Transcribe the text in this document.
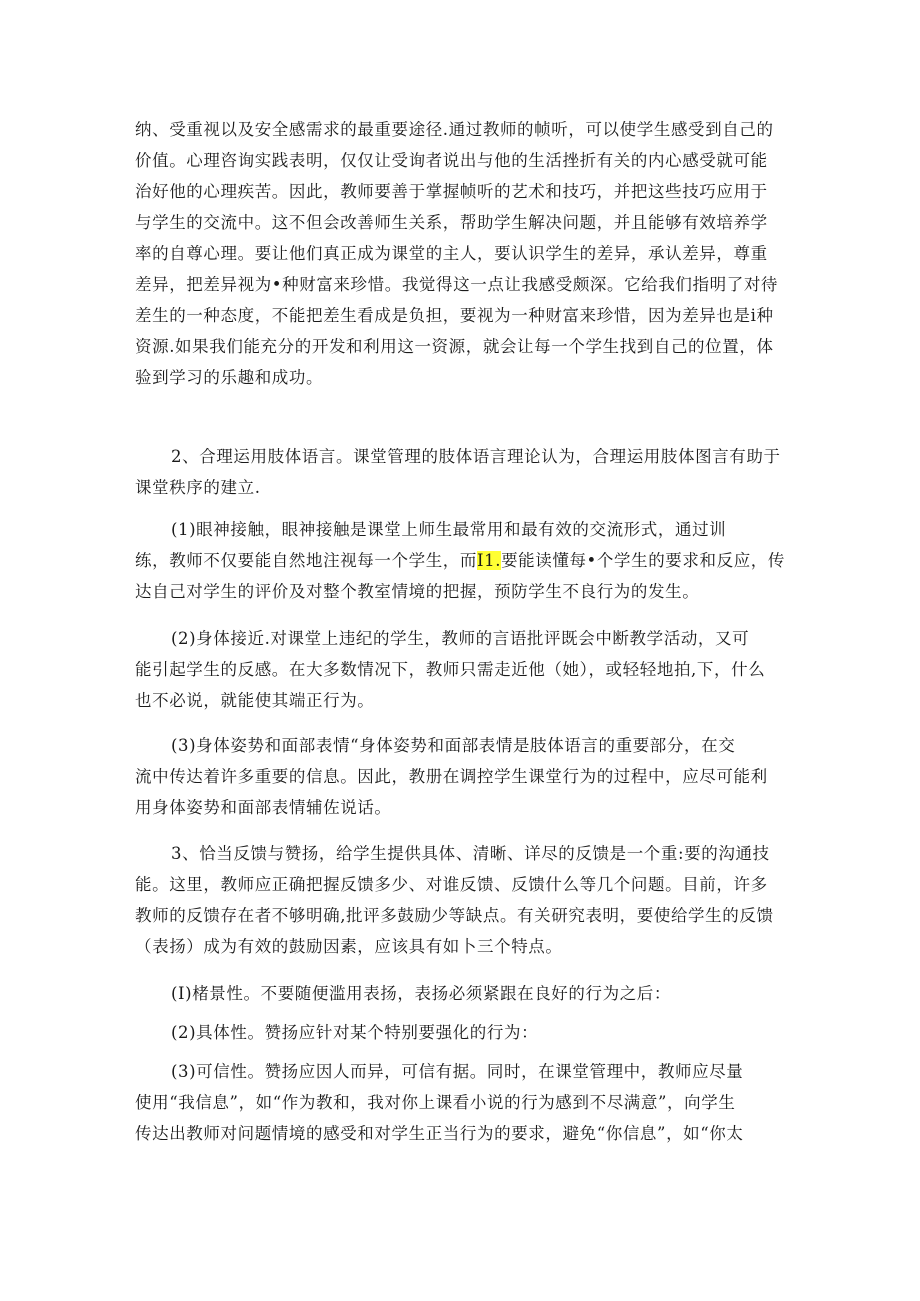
纳、受重视以及安全感需求的最重要途径.通过教师的帧听，可以使学生感受到自己的
价值。心理咨询实践表明，仅仅让受询者说出与他的生活挫折有关的内心感受就可能
治好他的心理疾苦。因此，教师要善于掌握帧听的艺术和技巧，并把这些技巧应用于
与学生的交流中。这不但会改善师生关系，帮助学生解决问题，并且能够有效培养学
率的自尊心理。要让他们真正成为课堂的主人，要认识学生的差异，承认差异，尊重
差异，把差异视为•种财富来珍惜。我觉得这一点让我感受颇深。它给我们指明了对待
差生的一种态度，不能把差生看成是负担，要视为一种财富来珍惜，因为差异也是i种
资源.如果我们能充分的开发和利用这一资源，就会让每一个学生找到自己的位置，体
验到学习的乐趣和成功。

2、合理运用肢体语言。课堂管理的肢体语言理论认为，合理运用肢体图言有助于
课堂秩序的建立.

(1)眼神接触，眼神接触是课堂上师生最常用和最有效的交流形式，通过训
练，教师不仅要能自然地注视每一个学生，而I1.要能读懂每•个学生的要求和反应，传
达自己对学生的评价及对整个教室情境的把握，预防学生不良行为的发生。

(2)身体接近.对课堂上违纪的学生，教师的言语批评既会中断教学活动，又可
能引起学生的反感。在大多数情况下，教师只需走近他（她），或轻轻地拍,下，什么
也不必说，就能使其端正行为。

(3)身体姿势和面部表情“身体姿势和面部表情是肢体语言的重要部分，在交
流中传达着许多重要的信息。因此，教册在调控学生课堂行为的过程中，应尽可能利
用身体姿势和面部表情辅佐说话。

3、恰当反馈与赞扬，给学生提供具体、清晰、详尽的反馈是一个重:要的沟通技
能。这里，教师应正确把握反馈多少、对谁反馈、反馈什么等几个问题。目前，许多
教师的反馈存在者不够明确,批评多鼓励少等缺点。有关研究表明，要使给学生的反馈
（表扬）成为有效的鼓励因素，应该具有如卜三个特点。

(I)楮景性。不要随便滥用表扬，表扬必须紧跟在良好的行为之后：

(2)具体性。赞扬应针对某个特别要强化的行为：

(3)可信性。赞扬应因人而异，可信有据。同时，在课堂管理中，教师应尽量
使用“我信息”，如“作为教和，我对你上课看小说的行为感到不尽满意”，向学生
传达出教师对问题情境的感受和对学生正当行为的要求，避免“你信息”，如“你太
